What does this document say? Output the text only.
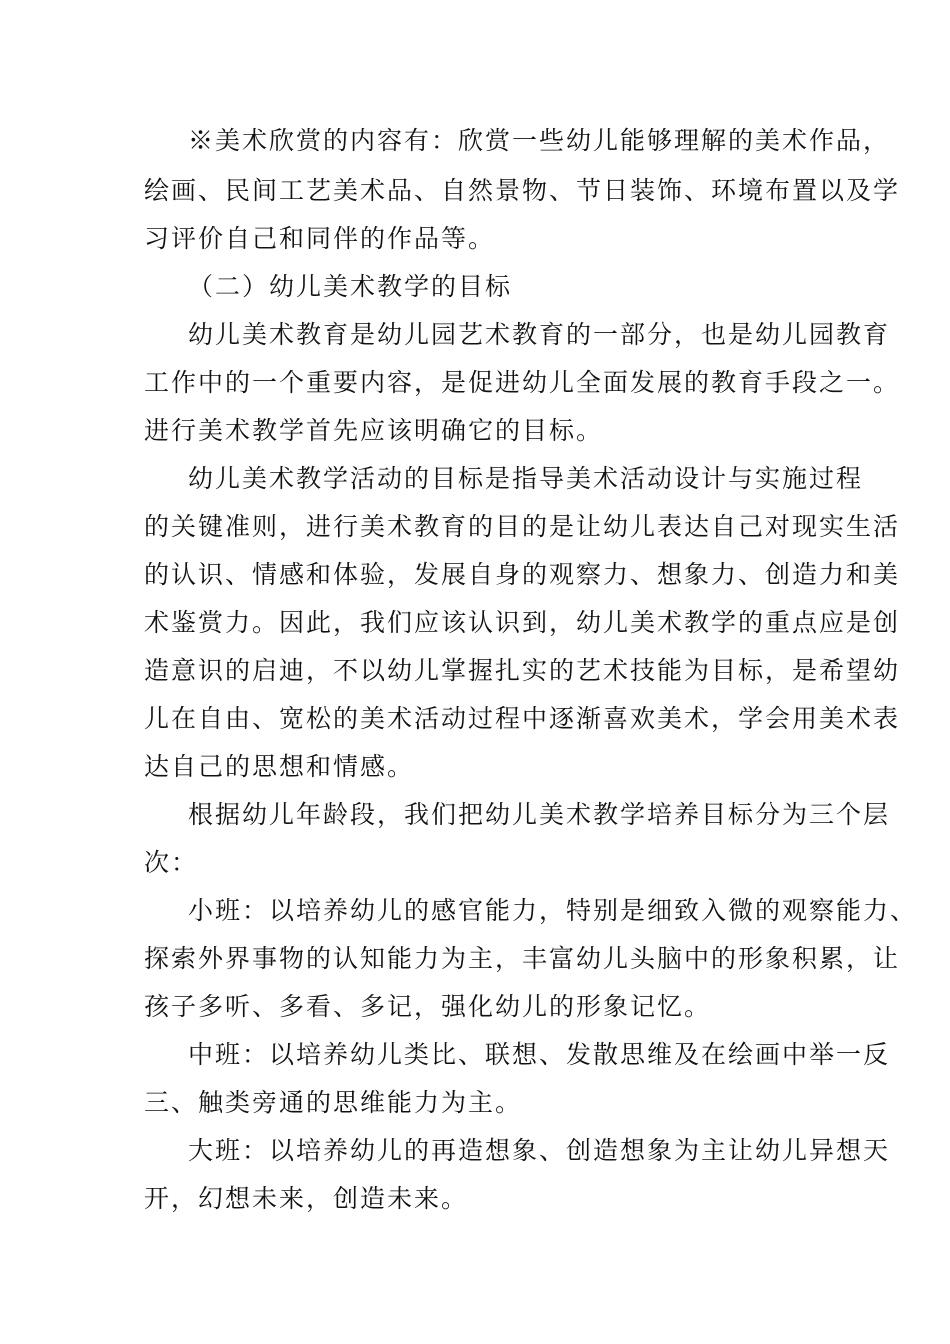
※美术欣赏的内容有：欣赏一些幼儿能够理解的美术作品，
绘画、民间工艺美术品、自然景物、节日装饰、环境布置以及学
习评价自己和同伴的作品等。
（二）幼儿美术教学的目标
幼儿美术教育是幼儿园艺术教育的一部分，也是幼儿园教育
工作中的一个重要内容，是促进幼儿全面发展的教育手段之一。
进行美术教学首先应该明确它的目标。
幼儿美术教学活动的目标是指导美术活动设计与实施过程
的关键准则，进行美术教育的目的是让幼儿表达自己对现实生活
的认识、情感和体验，发展自身的观察力、想象力、创造力和美
术鉴赏力。因此，我们应该认识到，幼儿美术教学的重点应是创
造意识的启迪，不以幼儿掌握扎实的艺术技能为目标，是希望幼
儿在自由、宽松的美术活动过程中逐渐喜欢美术，学会用美术表
达自己的思想和情感。
根据幼儿年龄段，我们把幼儿美术教学培养目标分为三个层
次：
小班：以培养幼儿的感官能力，特别是细致入微的观察能力、
探索外界事物的认知能力为主，丰富幼儿头脑中的形象积累，让
孩子多听、多看、多记，强化幼儿的形象记忆。
中班：以培养幼儿类比、联想、发散思维及在绘画中举一反
三、触类旁通的思维能力为主。
大班：以培养幼儿的再造想象、创造想象为主让幼儿异想天
开，幻想未来，创造未来。
